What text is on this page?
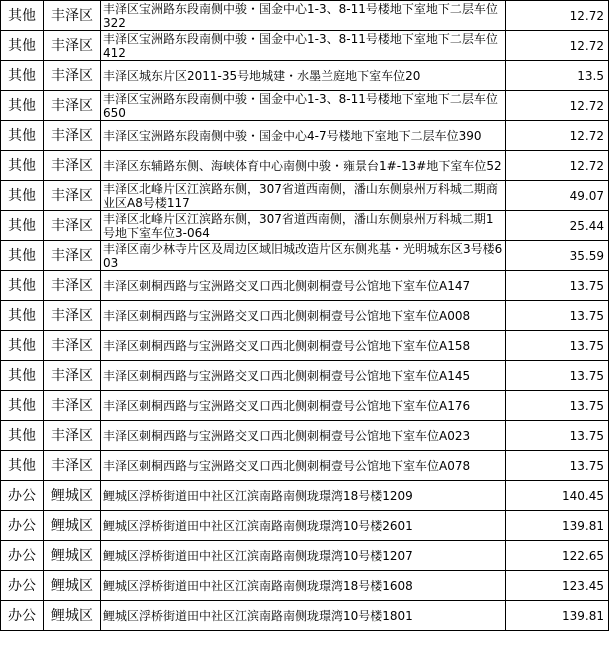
其他	丰泽区	丰泽区宝洲路东段南侧中骏・国金中心1-3、8-11号楼地下室地下二层车位322	12.72
其他	丰泽区	丰泽区宝洲路东段南侧中骏・国金中心1-3、8-11号楼地下室地下二层车位412	12.72
其他	丰泽区	丰泽区城东片区2011-35号地城建・水墨兰庭地下室车位20	13.5
其他	丰泽区	丰泽区宝洲路东段南侧中骏・国金中心1-3、8-11号楼地下室地下二层车位650	12.72
其他	丰泽区	丰泽区宝洲路东段南侧中骏・国金中心4-7号楼地下室地下二层车位390	12.72
其他	丰泽区	丰泽区东辅路东侧、海峡体育中心南侧中骏・雍景台1#-13#地下室车位52	12.72
其他	丰泽区	丰泽区北峰片区江滨路东侧，307省道西南侧，潘山东侧泉州万科城二期商业区A8号楼117	49.07
其他	丰泽区	丰泽区北峰片区江滨路东侧，307省道西南侧，潘山东侧泉州万科城二期1号地下室车位3-064	25.44
其他	丰泽区	丰泽区南少林寺片区及周边区域旧城改造片区东侧兆基・光明城东区3号楼603	35.59
其他	丰泽区	丰泽区刺桐西路与宝洲路交叉口西北侧刺桐壹号公馆地下室车位A147	13.75
其他	丰泽区	丰泽区刺桐西路与宝洲路交叉口西北侧刺桐壹号公馆地下室车位A008	13.75
其他	丰泽区	丰泽区刺桐西路与宝洲路交叉口西北侧刺桐壹号公馆地下室车位A158	13.75
其他	丰泽区	丰泽区刺桐西路与宝洲路交叉口西北侧刺桐壹号公馆地下室车位A145	13.75
其他	丰泽区	丰泽区刺桐西路与宝洲路交叉口西北侧刺桐壹号公馆地下室车位A176	13.75
其他	丰泽区	丰泽区刺桐西路与宝洲路交叉口西北侧刺桐壹号公馆地下室车位A023	13.75
其他	丰泽区	丰泽区刺桐西路与宝洲路交叉口西北侧刺桐壹号公馆地下室车位A078	13.75
办公	鲤城区	鲤城区浮桥街道田中社区江滨南路南侧珑璟湾18号楼1209	140.45
办公	鲤城区	鲤城区浮桥街道田中社区江滨南路南侧珑璟湾10号楼2601	139.81
办公	鲤城区	鲤城区浮桥街道田中社区江滨南路南侧珑璟湾10号楼1207	122.65
办公	鲤城区	鲤城区浮桥街道田中社区江滨南路南侧珑璟湾18号楼1608	123.45
办公	鲤城区	鲤城区浮桥街道田中社区江滨南路南侧珑璟湾10号楼1801	139.81
